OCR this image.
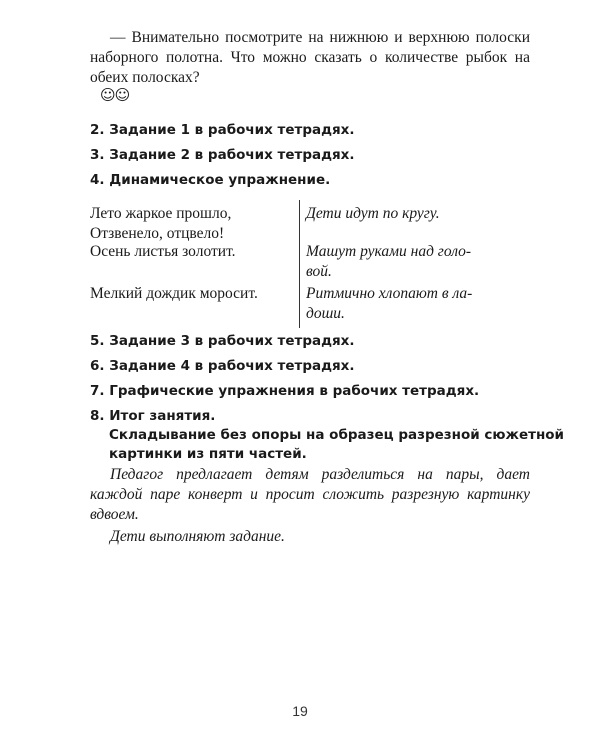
— Внимательно посмотрите на нижнюю и верхнюю полоски наборного полотна. Что можно сказать о количестве рыбок на обеих полосках?

☺☺
2. Задание 1 в рабочих тетрадях.
3. Задание 2 в рабочих тетрадях.
4. Динамическое упражнение.
Лето жаркое прошло,
Отзвенело, отцвело!
Дети идут по кругу.
Осень листья золотит.	Машут руками над голо-
вой.
Мелкий дождик моросит.	Ритмично хлопают в ла-
доши.
5. Задание 3 в рабочих тетрадях.
6. Задание 4 в рабочих тетрадях.
7. Графические упражнения в рабочих тетрадях.
8. Итог занятия.
Складывание без опоры на образец разрезной сюжетной
картинки из пяти частей.

Педагог предлагает детям разделиться на пары, дает каждой паре конверт и просит сложить разрезную картинку вдвоем.

Дети выполняют задание.

19
